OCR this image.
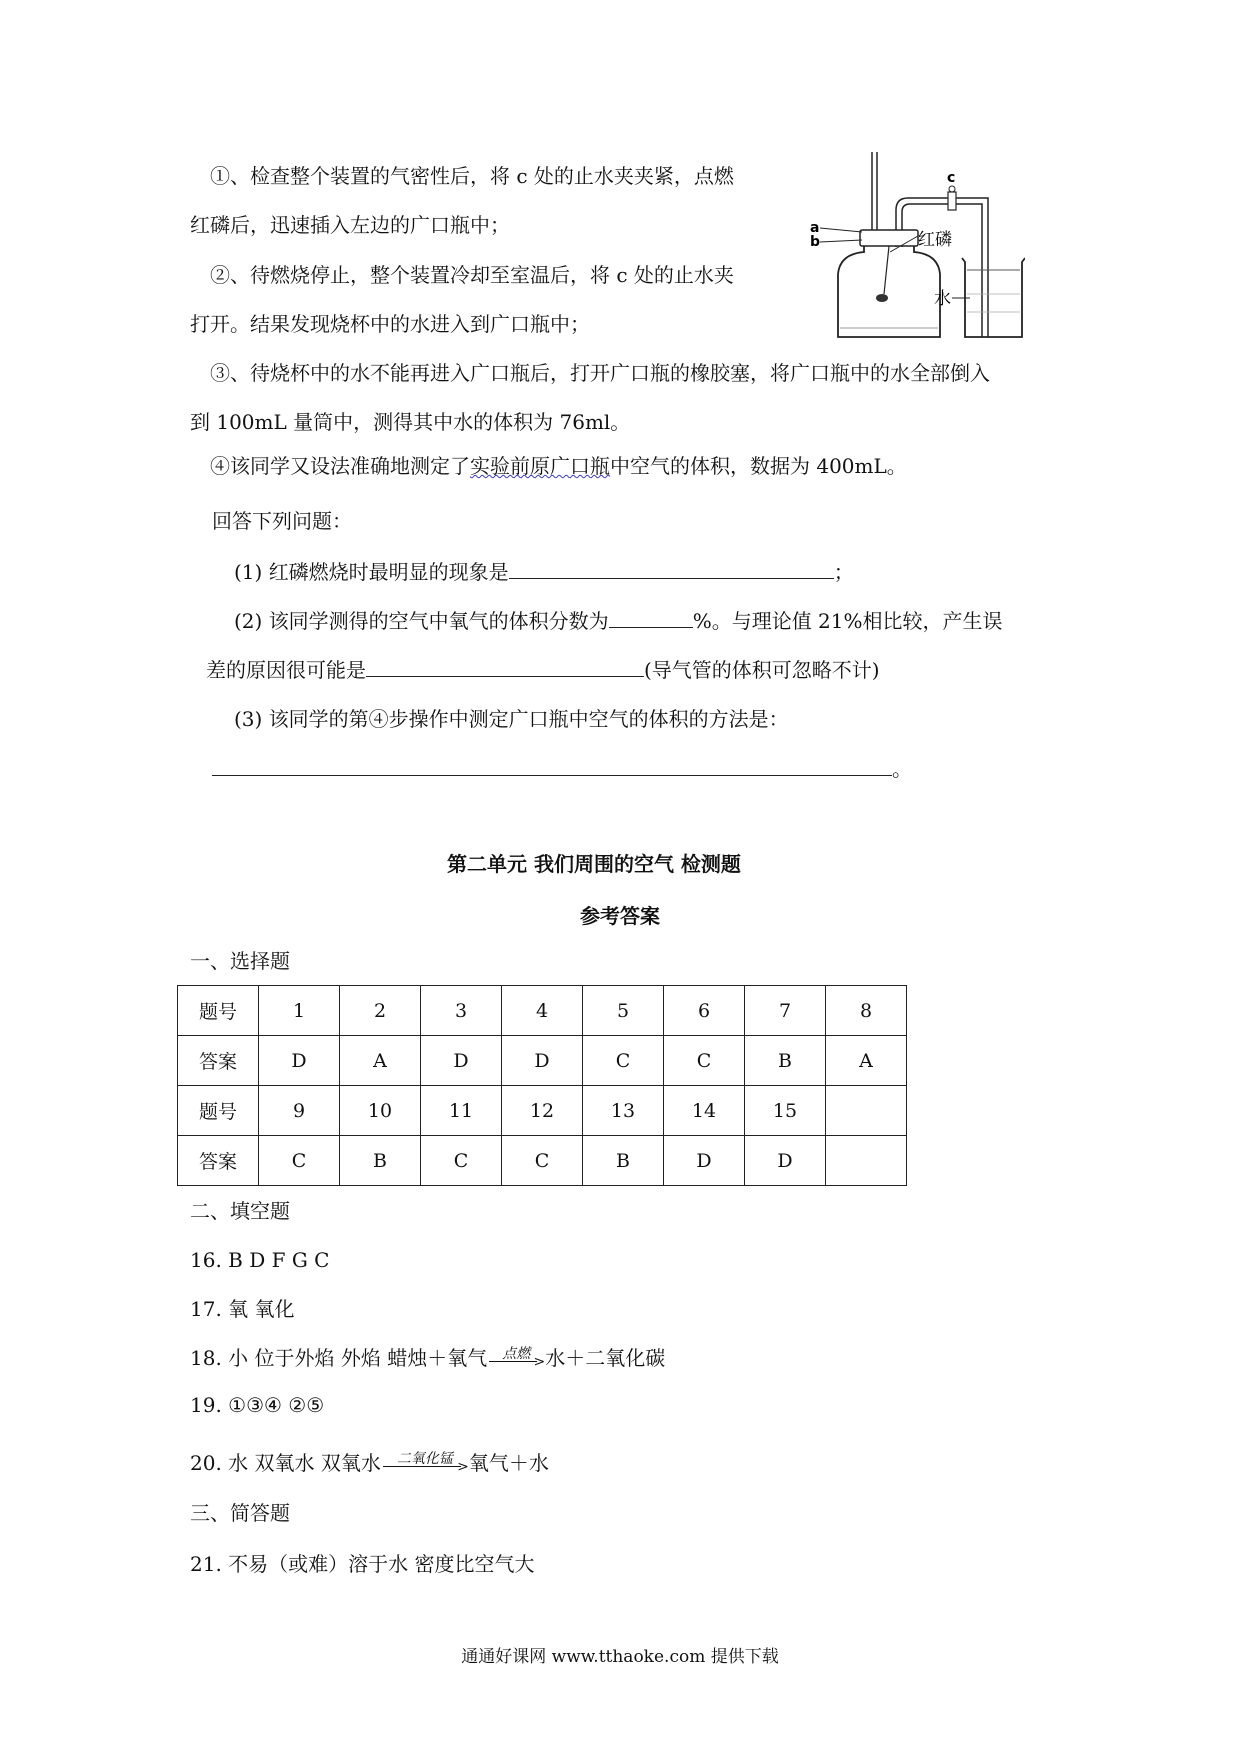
①、检查整个装置的气密性后，将 c 处的止水夹夹紧，点燃
红磷后，迅速插入左边的广口瓶中；
②、待燃烧停止，整个装置冷却至室温后，将 c 处的止水夹
打开。结果发现烧杯中的水进入到广口瓶中；
③、待烧杯中的水不能再进入广口瓶后，打开广口瓶的橡胶塞，将广口瓶中的水全部倒入
到 100mL 量筒中，测得其中水的体积为 76ml。
④该同学又设法准确地测定了实验前原广口瓶中空气的体积，数据为 400mL。
c
a
b	红磷
水
回答下列问题：
(1) 红磷燃烧时最明显的现象是	；
(2) 该同学测得的空气中氧气的体积分数为	%。与理论值 21%相比较，产生误
差的原因很可能是	(导气管的体积可忽略不计)
(3) 该同学的第④步操作中测定广口瓶中空气的体积的方法是：
。
第二单元 我们周围的空气 检测题
参考答案
一、选择题
题号	1	2	3	4	5	6	7	8
答案	D	A	D	D	C	C	B	A
题号	9	10	11	12	13	14	15	
答案	C	B	C	C	B	D	D	
二、填空题
16. B D F G C
17. 氧 氧化
18. 小 位于外焰 外焰 蜡烛＋氧气	点燃 > 水＋二氧化碳
19. ①③④ ②⑤
20. 水 双氧水 双氧水	二氧化锰 > 氧气＋水
三、简答题
21. 不易（或难）溶于水 密度比空气大
通通好课网 www.tthaoke.com 提供下载
